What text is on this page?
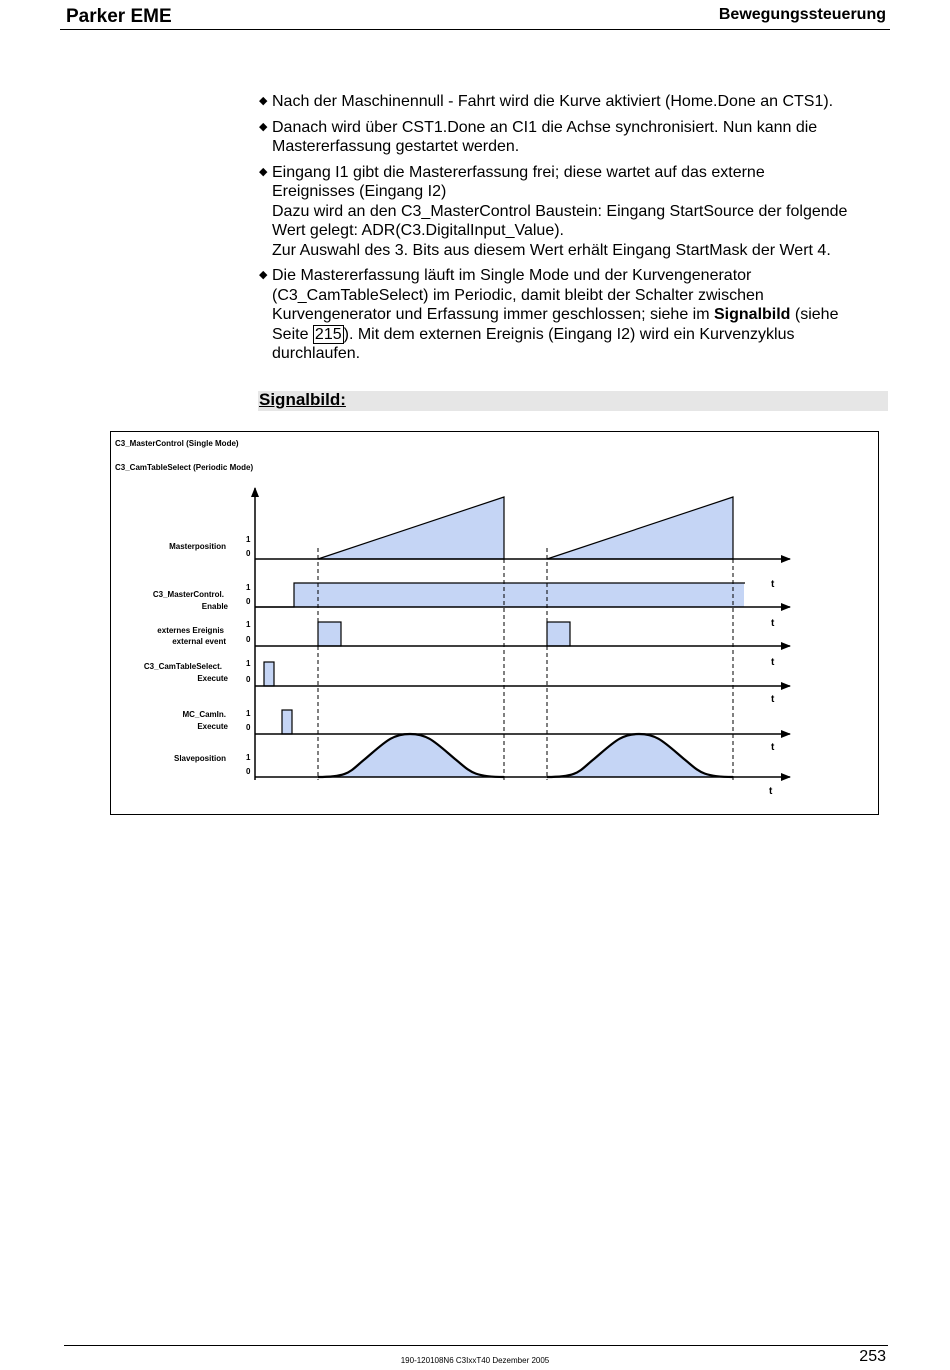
Parker EME	Bewegungssteuerung
◆ Nach der Maschinennull - Fahrt wird die Kurve aktiviert (Home.Done an CTS1).
◆ Danach wird über CST1.Done an CI1 die Achse synchronisiert. Nun kann die
Mastererfassung gestartet werden.
◆ Eingang I1 gibt die Mastererfassung frei; diese wartet auf das externe
Ereignisses (Eingang I2)
Dazu wird an den C3_MasterControl Baustein: Eingang StartSource der folgende
Wert gelegt: ADR(C3.DigitalInput_Value).
Zur Auswahl des 3. Bits aus diesem Wert erhält Eingang StartMask der Wert 4.
◆ Die Mastererfassung läuft im Single Mode und der Kurvengenerator
(C3_CamTableSelect) im Periodic, damit bleibt der Schalter zwischen
Kurvengenerator und Erfassung immer geschlossen; siehe im Signalbild (siehe
Seite 215 ). Mit dem externen Ereignis (Eingang I2) wird ein Kurvenzyklus
durchlaufen.
Signalbild:
C3_MasterControl (Single Mode)
C3_CamTableSelect (Periodic Mode)
Masterposition
1
0
C3_MasterControl.
Enable
1
0
t
externes Ereignis
external event
1
0
t
C3_CamTableSelect.
Execute
1
0
t
MC_CamIn.
Execute
1
0
t
Slaveposition	1
0
t
t
190-120108N6 C3IxxT40 Dezember 2005	253
